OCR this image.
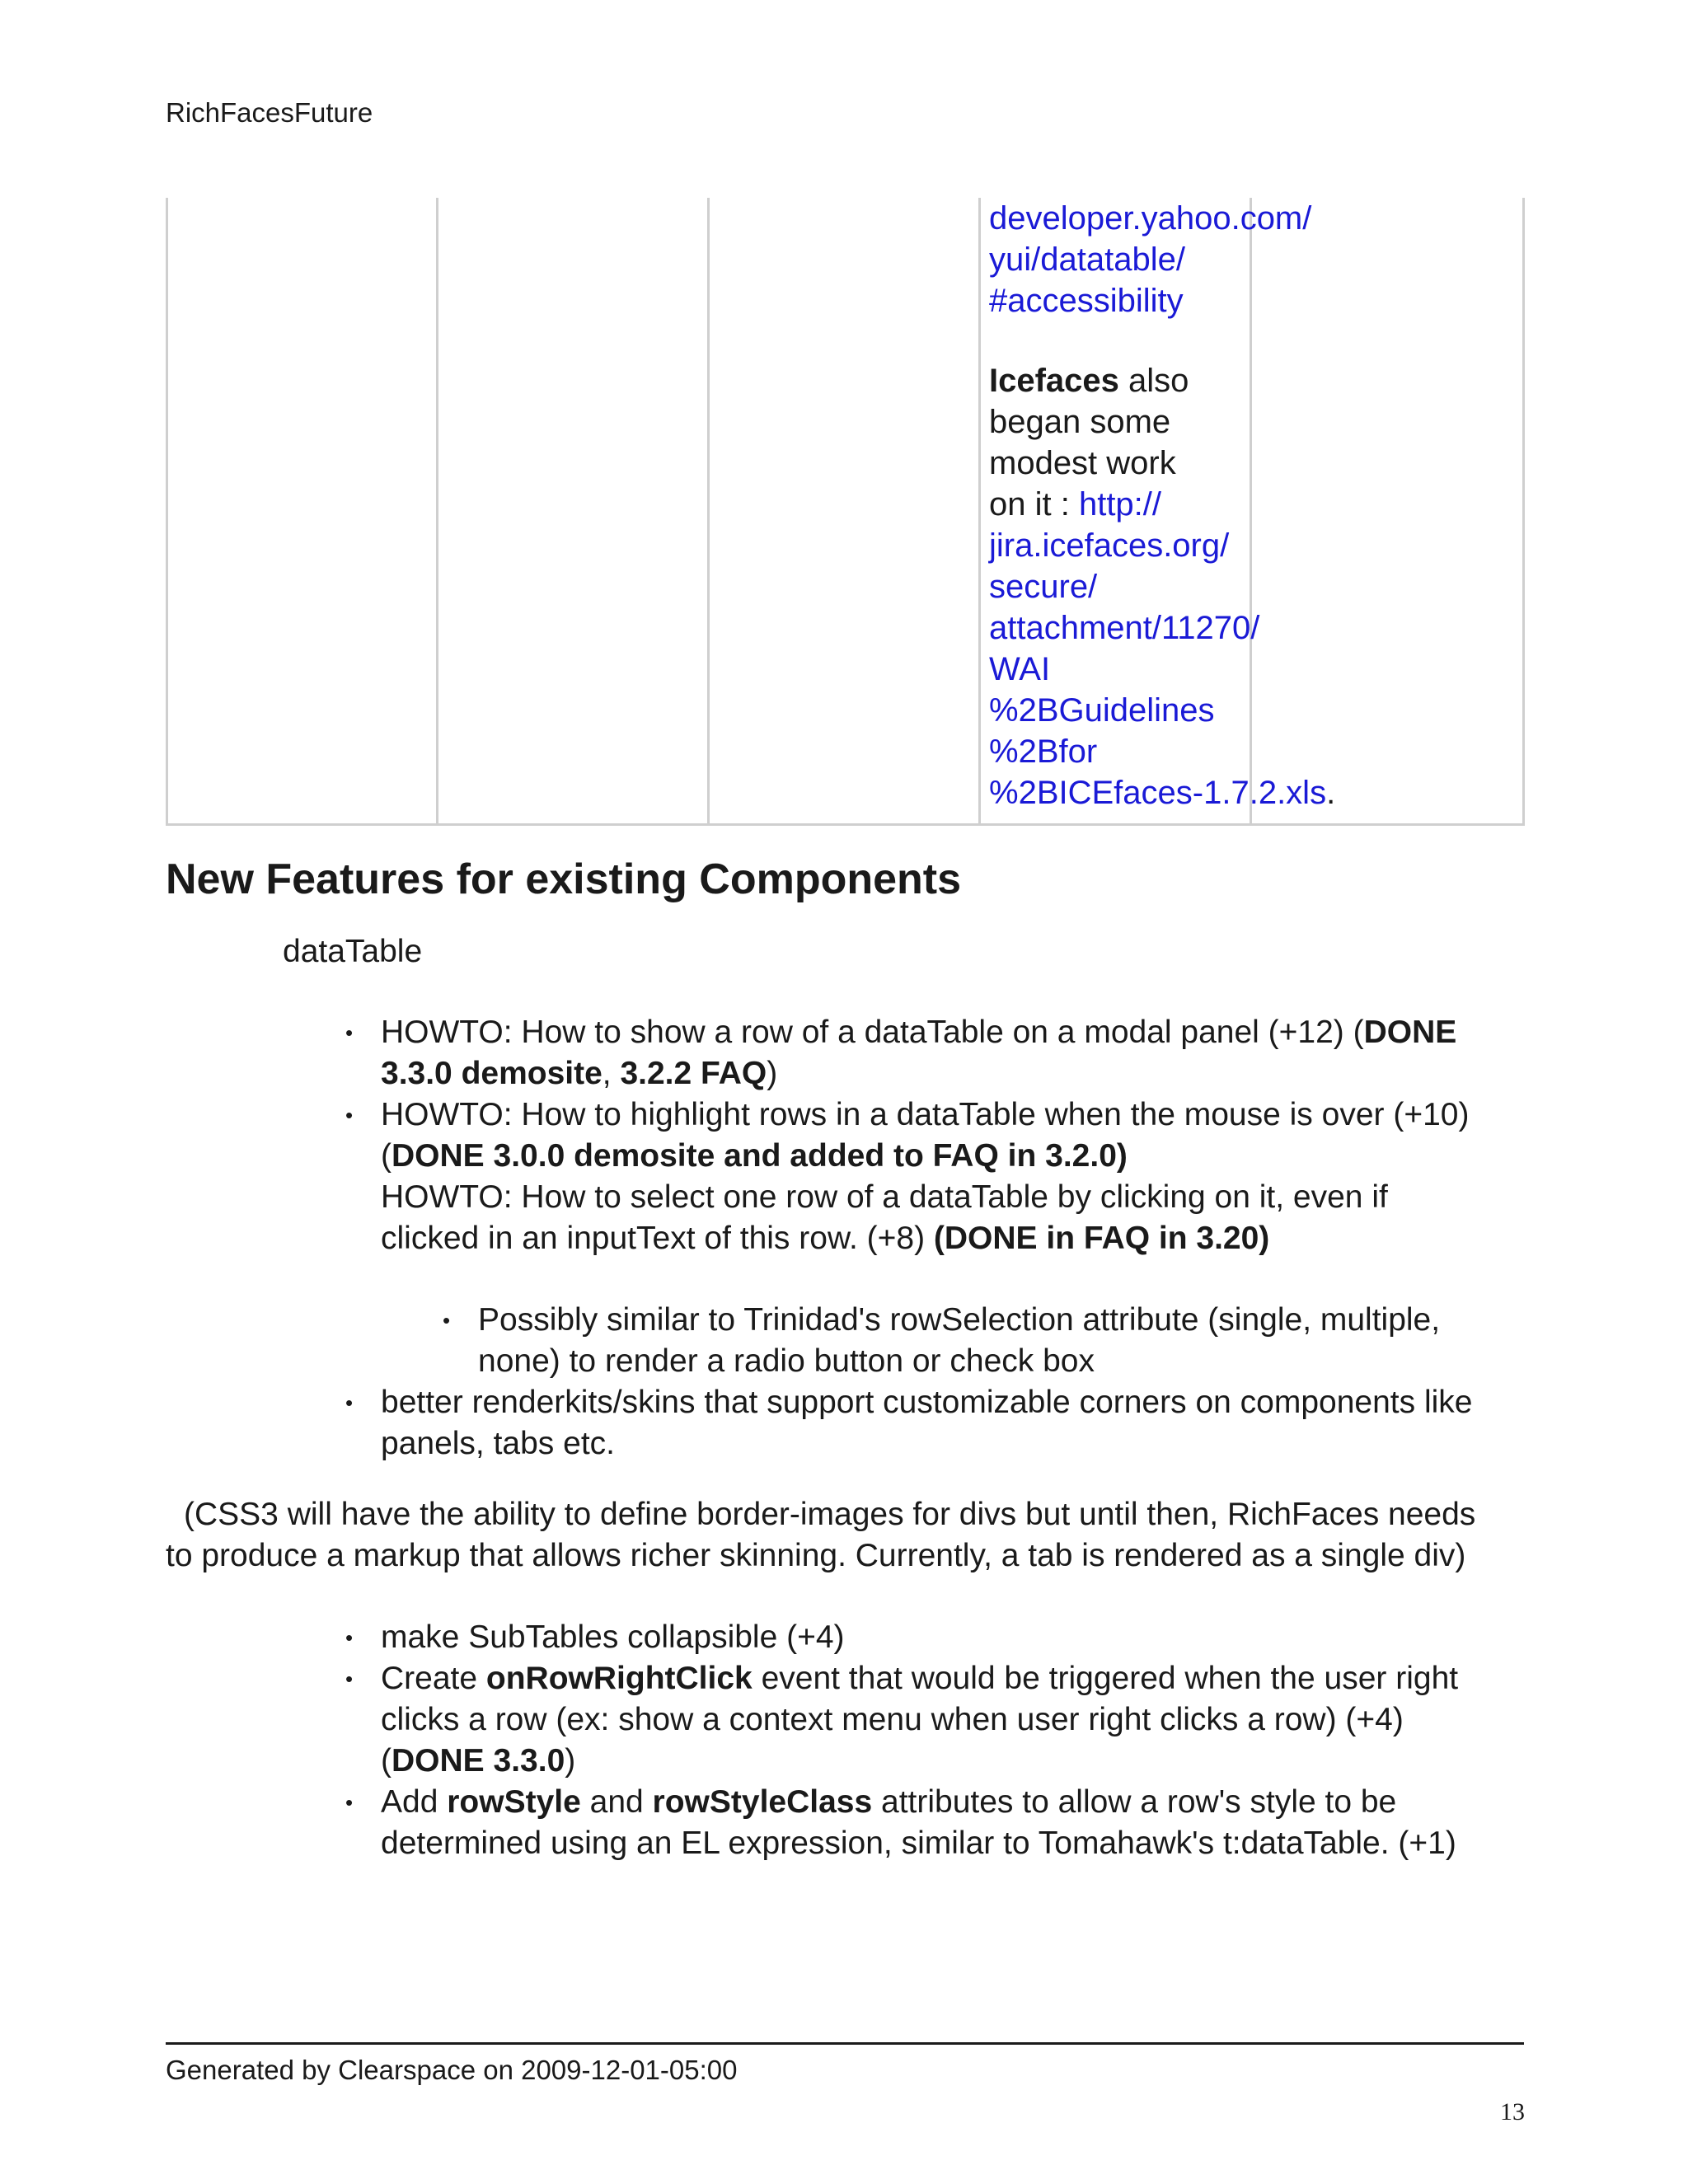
RichFacesFuture

developer.yahoo.com/
yui/datatable/
#accessibility

Icefaces also
began some
modest work
on it : http://
jira.icefaces.org/
secure/
attachment/11270/
WAI
%2BGuidelines
%2Bfor
%2BICEfaces-1.7.2.xls.

New Features for existing Components
dataTable
• HOWTO: How to show a row of a dataTable on a modal panel (+12) (DONE
3.3.0 demosite, 3.2.2 FAQ)

• HOWTO: How to highlight rows in a dataTable when the mouse is over (+10)
(DONE 3.0.0 demosite and added to FAQ in 3.2.0)
HOWTO: How to select one row of a dataTable by clicking on it, even if
clicked in an inputText of this row. (+8) (DONE in FAQ in 3.20)

• Possibly similar to Trinidad's rowSelection attribute (single, multiple,
none) to render a radio button or check box

• better renderkits/skins that support customizable corners on components like
panels, tabs etc.

(CSS3 will have the ability to define border-images for divs but until then, RichFaces needs
to produce a markup that allows richer skinning. Currently, a tab is rendered as a single div)
• make SubTables collapsible (+4)

• Create onRowRightClick event that would be triggered when the user right
clicks a row (ex: show a context menu when user right clicks a row) (+4)
(DONE 3.3.0)

• Add rowStyle and rowStyleClass attributes to allow a row's style to be
determined using an EL expression, similar to Tomahawk's t:dataTable. (+1)

Generated by Clearspace on 2009-12-01-05:00
13
